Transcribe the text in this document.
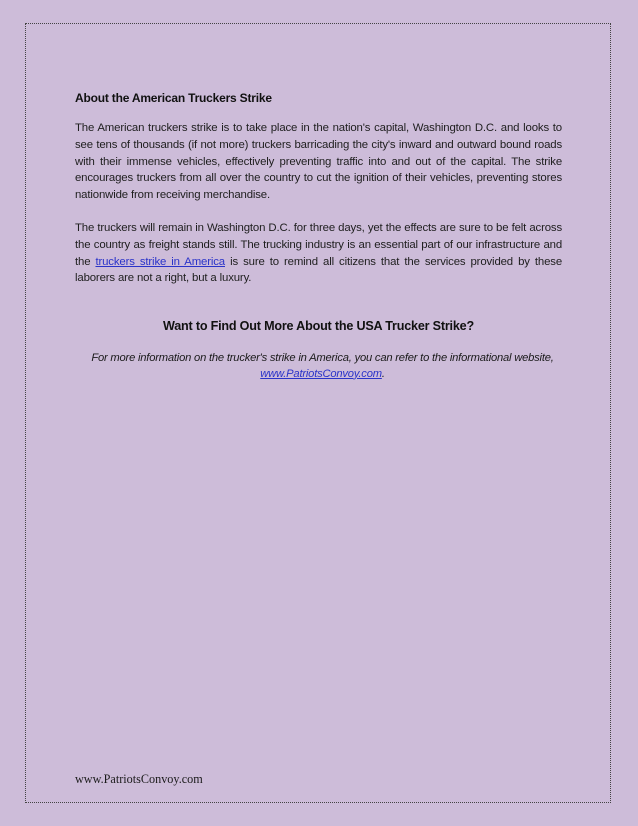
About the American Truckers Strike

The American truckers strike is to take place in the nation's capital, Washington D.C. and looks to see tens of thousands (if not more) truckers barricading the city's inward and outward bound roads with their immense vehicles, effectively preventing traffic into and out of the capital. The strike encourages truckers from all over the country to cut the ignition of their vehicles, preventing stores nationwide from receiving merchandise.

The truckers will remain in Washington D.C. for three days, yet the effects are sure to be felt across the country as freight stands still. The trucking industry is an essential part of our infrastructure and the truckers strike in America is sure to remind all citizens that the services provided by these laborers are not a right, but a luxury.

Want to Find Out More About the USA Trucker Strike?
For more information on the trucker's strike in America, you can refer to the informational website, www.PatriotsConvoy.com.
www.PatriotsConvoy.com
